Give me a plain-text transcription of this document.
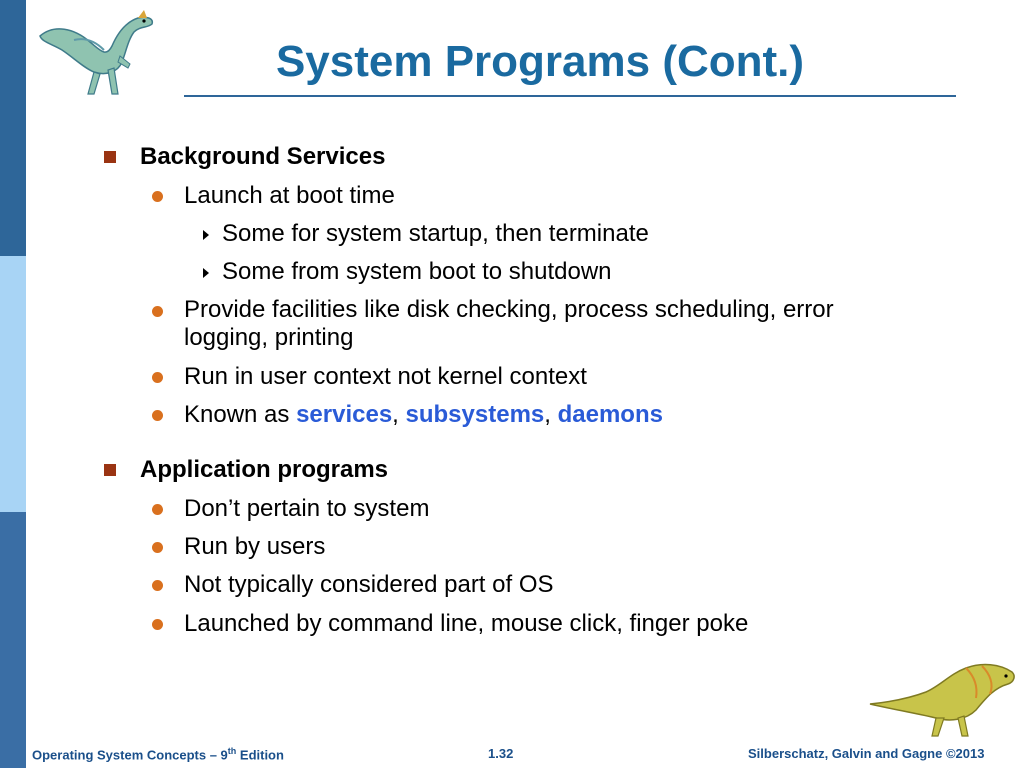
System Programs (Cont.)
Background Services
Launch at boot time
Some for system startup, then terminate
Some from system boot to shutdown
Provide facilities like disk checking, process scheduling, error
logging, printing
Run in user context not kernel context
Known as services, subsystems, daemons
Application programs
Don’t pertain to system
Run by users
Not typically considered part of OS
Launched by command line, mouse click, finger poke
Operating System Concepts – 9th Edition	1.32	Silberschatz, Galvin and Gagne ©2013
